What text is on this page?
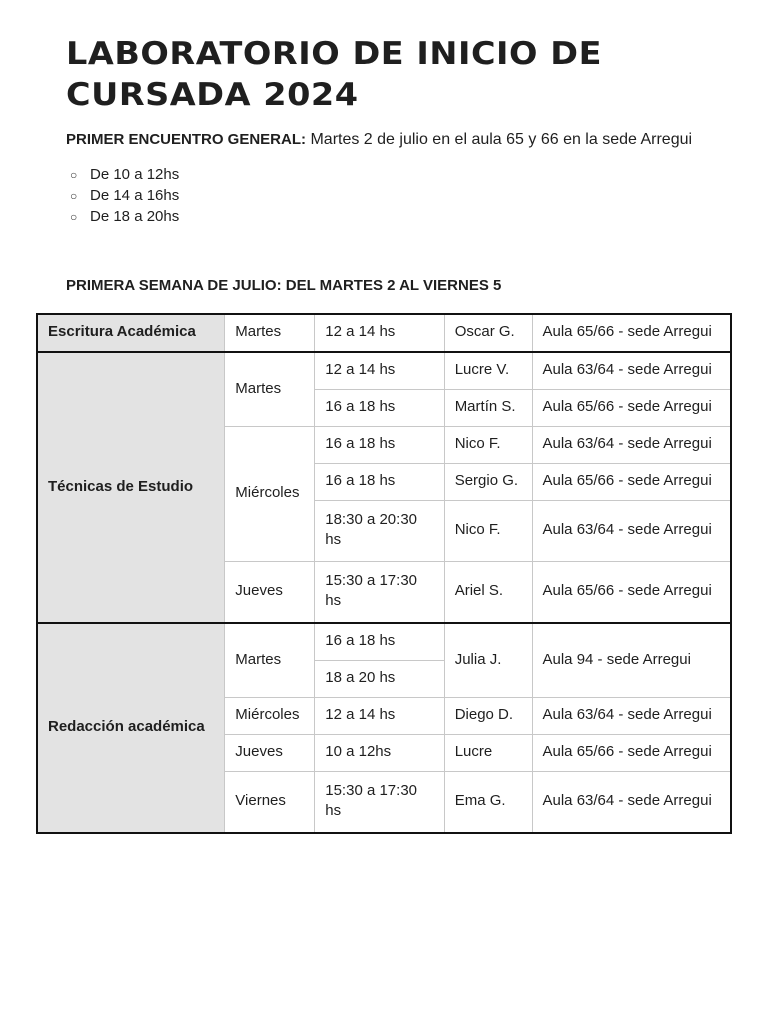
LABORATORIO DE INICIO DE CURSADA 2024

PRIMER ENCUENTRO GENERAL: Martes 2 de julio en el aula 65 y 66 en la sede Arregui

○ De 10 a 12hs
○ De 14 a 16hs
○ De 18 a 20hs

PRIMERA SEMANA DE JULIO: DEL MARTES 2 AL VIERNES 5

Escritura Académica	Martes	12 a 14 hs	Oscar G.	Aula 65/66 - sede Arregui
Técnicas de Estudio	Martes	12 a 14 hs	Lucre V.	Aula 63/64 - sede Arregui
		16 a 18 hs	Martín S.	Aula 65/66 - sede Arregui
	Miércoles	16 a 18 hs	Nico F.	Aula 63/64 - sede Arregui
		16 a 18 hs	Sergio G.	Aula 65/66 - sede Arregui
		18:30 a 20:30 hs	Nico F.	Aula 63/64 - sede Arregui
	Jueves	15:30 a 17:30 hs	Ariel S.	Aula 65/66 - sede Arregui
Redacción académica	Martes	16 a 18 hs	Julia J.	Aula 94 - sede Arregui
		18 a 20 hs		
	Miércoles	12 a 14 hs	Diego D.	Aula 63/64 - sede Arregui
	Jueves	10 a 12hs	Lucre	Aula 65/66 - sede Arregui
	Viernes	15:30 a 17:30 hs	Ema G.	Aula 63/64 - sede Arregui
